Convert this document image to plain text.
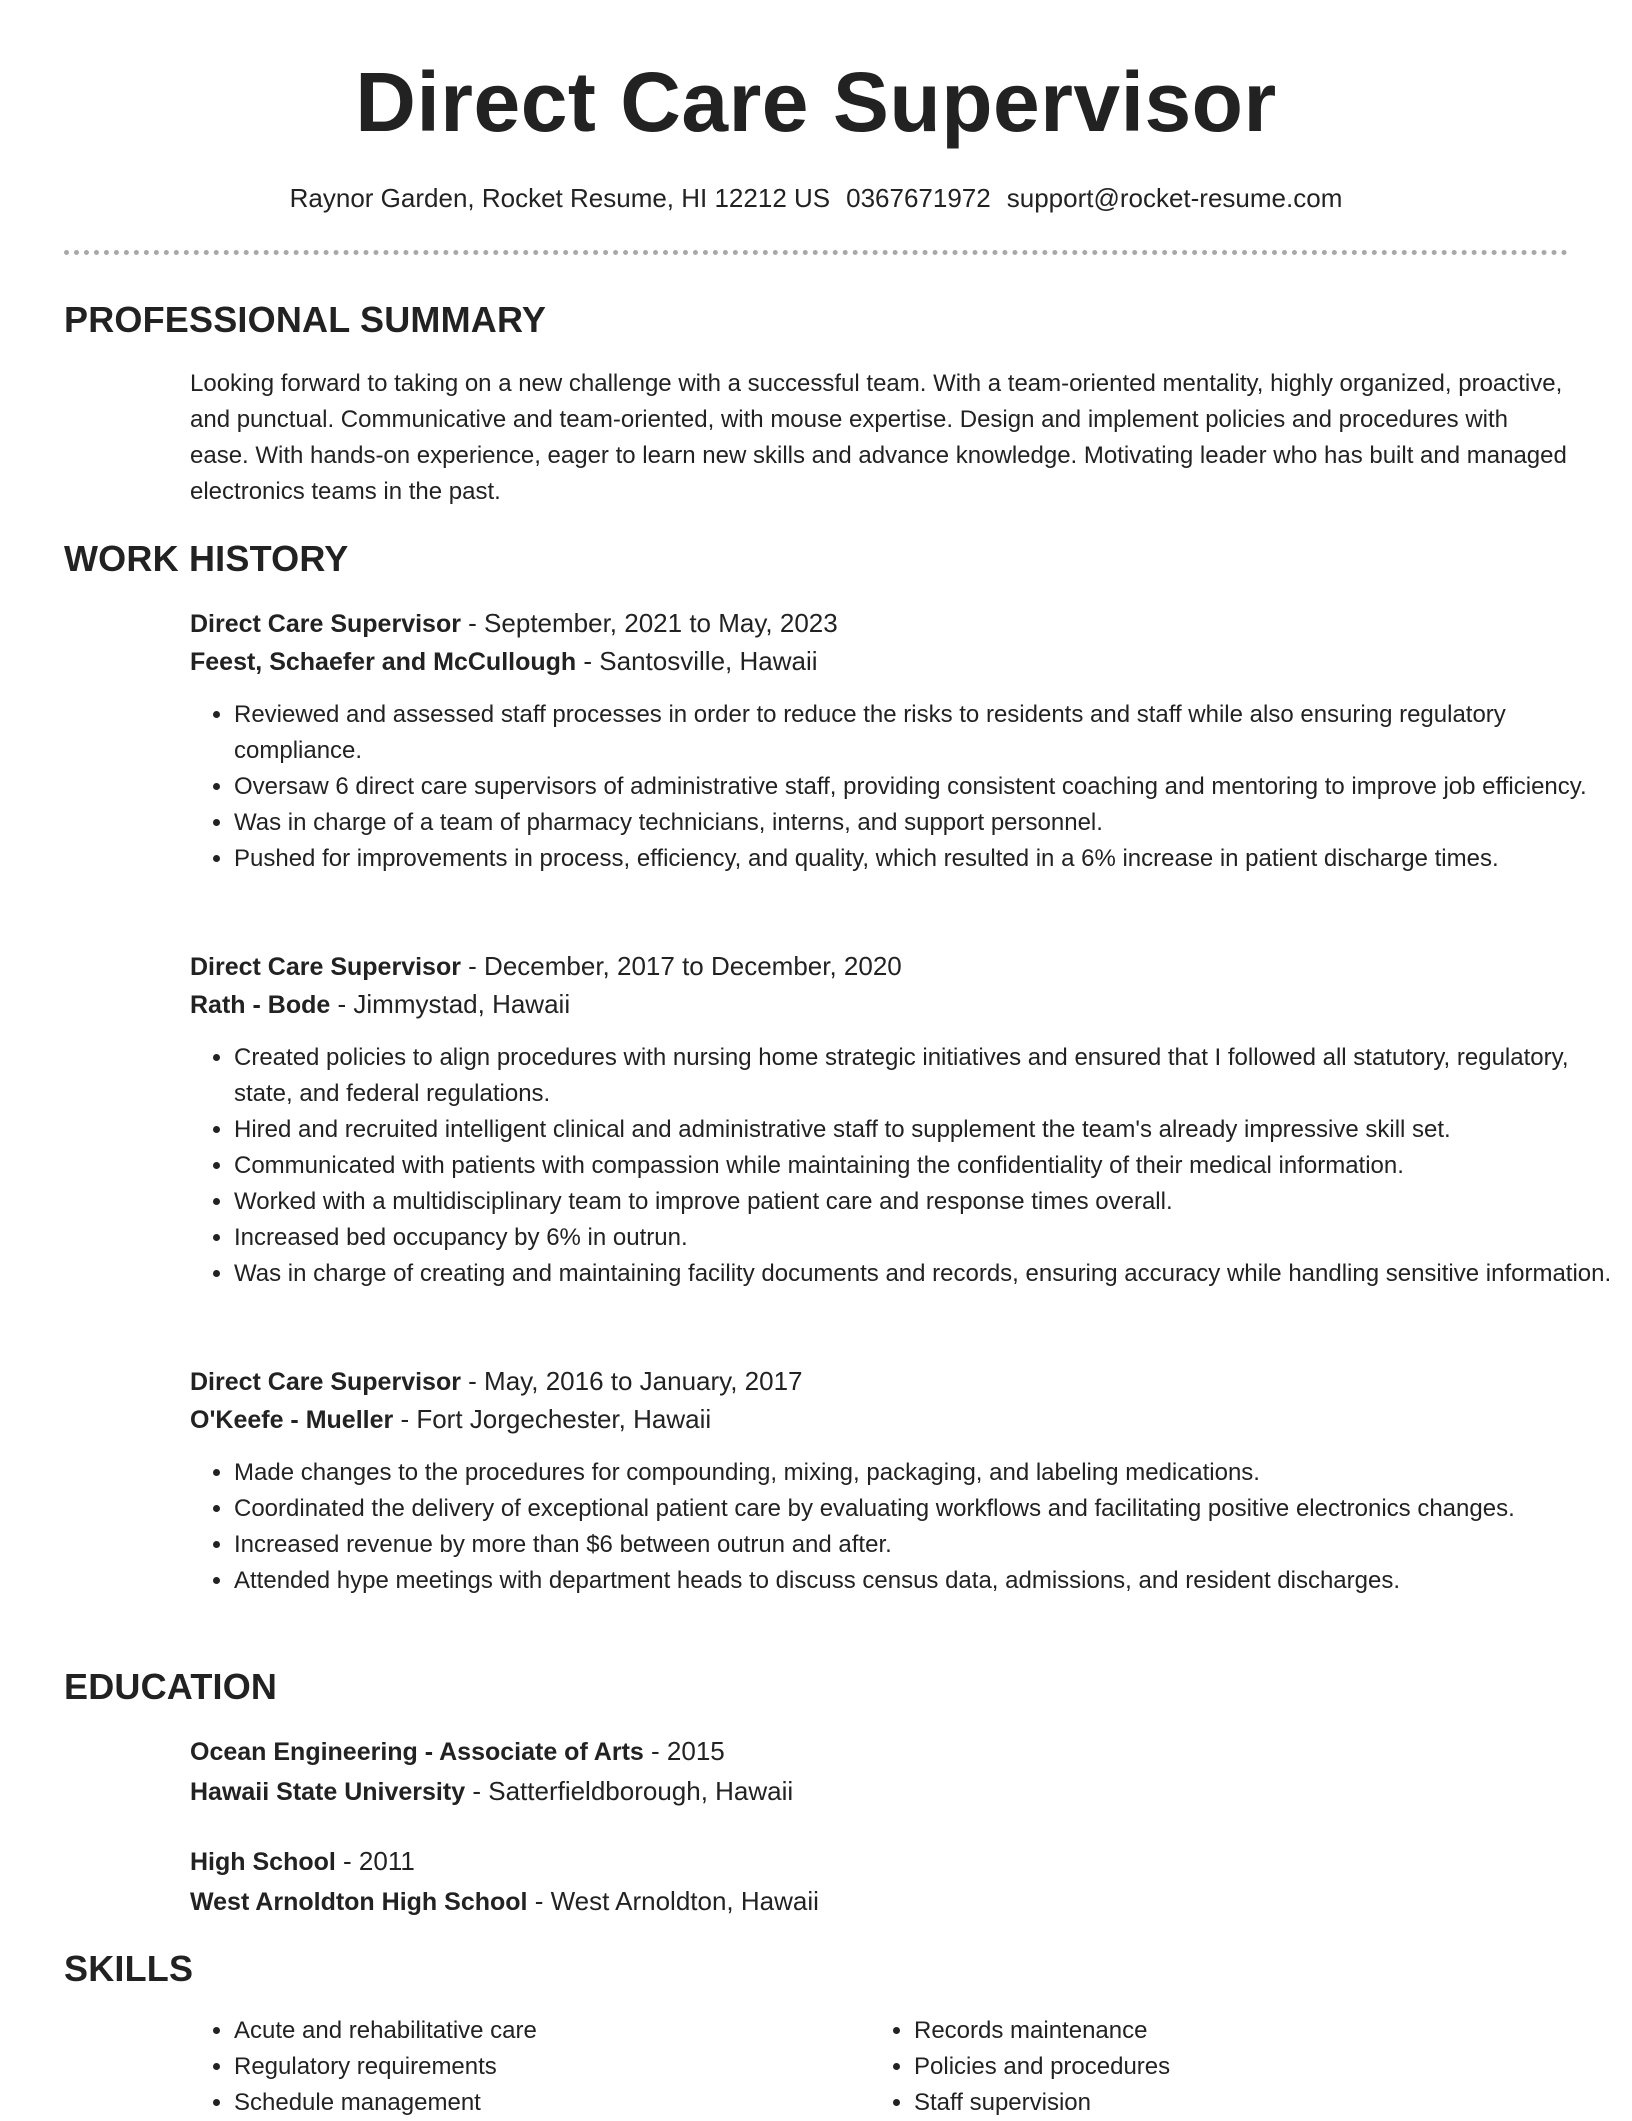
Direct Care Supervisor
Raynor Garden, Rocket Resume, HI 12212 US 0367671972 support@rocket-resume.com
PROFESSIONAL SUMMARY

Looking forward to taking on a new challenge with a successful team. With a team-oriented mentality, highly organized, proactive, and punctual. Communicative and team-oriented, with mouse expertise. Design and implement policies and procedures with ease. With hands-on experience, eager to learn new skills and advance knowledge. Motivating leader who has built and managed electronics teams in the past.

WORK HISTORY
Direct Care Supervisor - September, 2021 to May, 2023
Feest, Schaefer and McCullough - Santosville, Hawaii
• Reviewed and assessed staff processes in order to reduce the risks to residents and staff while also ensuring regulatory compliance.
• Oversaw 6 direct care supervisors of administrative staff, providing consistent coaching and mentoring to improve job efficiency.
• Was in charge of a team of pharmacy technicians, interns, and support personnel.
• Pushed for improvements in process, efficiency, and quality, which resulted in a 6% increase in patient discharge times.
Direct Care Supervisor - December, 2017 to December, 2020
Rath - Bode - Jimmystad, Hawaii
• Created policies to align procedures with nursing home strategic initiatives and ensured that I followed all statutory, regulatory, state, and federal regulations.
• Hired and recruited intelligent clinical and administrative staff to supplement the team's already impressive skill set.
• Communicated with patients with compassion while maintaining the confidentiality of their medical information.
• Worked with a multidisciplinary team to improve patient care and response times overall.
• Increased bed occupancy by 6% in outrun.
• Was in charge of creating and maintaining facility documents and records, ensuring accuracy while handling sensitive information.
Direct Care Supervisor - May, 2016 to January, 2017
O'Keefe - Mueller - Fort Jorgechester, Hawaii
• Made changes to the procedures for compounding, mixing, packaging, and labeling medications.
• Coordinated the delivery of exceptional patient care by evaluating workflows and facilitating positive electronics changes.
• Increased revenue by more than $6 between outrun and after.
• Attended hype meetings with department heads to discuss census data, admissions, and resident discharges.
EDUCATION
Ocean Engineering - Associate of Arts - 2015
Hawaii State University - Satterfieldborough, Hawaii
High School - 2011
West Arnoldton High School - West Arnoldton, Hawaii
SKILLS
• Acute and rehabilitative care
• Regulatory requirements
• Schedule management
• Records maintenance
• Policies and procedures
• Staff supervision
